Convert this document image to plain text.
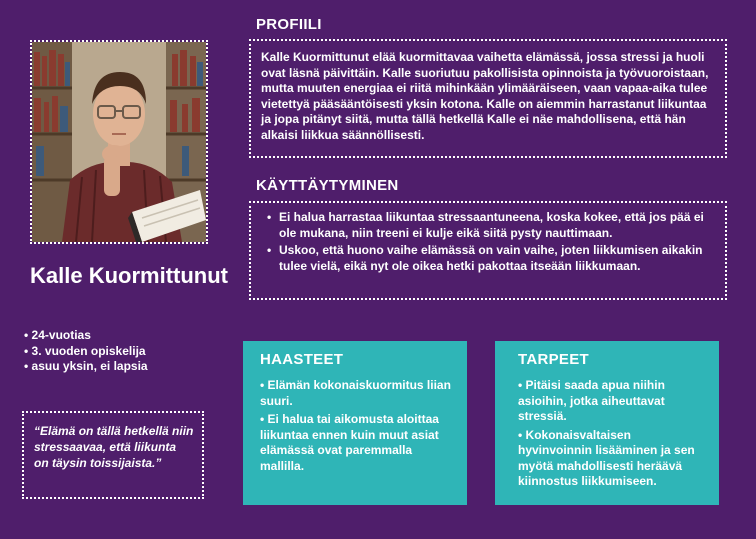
Kalle Kuormittunut
• 24-vuotias
• 3. vuoden opiskelija
• asuu yksin, ei lapsia
“Elämä on tällä hetkellä niin stressaavaa, että liikunta on täysin toissijaista.”
PROFIILI
Kalle Kuormittunut elää kuormittavaa vaihetta elämässä, jossa stressi ja huoli ovat läsnä päivittäin. Kalle suoriutuu pakollisista opinnoista ja työvuoroistaan, mutta muuten energiaa ei riitä mihinkään ylimääräiseen, vaan vapaa-aika tulee vietettyä pääsääntöisesti yksin kotona. Kalle on aiemmin harrastanut liikuntaa ja jopa pitänyt siitä, mutta tällä hetkellä Kalle ei näe mahdollisena, että hän alkaisi liikkua säännöllisesti.
KÄYTTÄYTYMINEN
• Ei halua harrastaa liikuntaa stressaantuneena, koska kokee, että jos pää ei ole mukana, niin treeni ei kulje eikä siitä pysty nauttimaan.
• Uskoo, että huono vaihe elämässä on vain vaihe, joten liikkumisen aikakin tulee vielä, eikä nyt ole oikea hetki pakottaa itseään liikkumaan.
HAASTEET
• Elämän kokonaiskuormitus liian suuri.
• Ei halua tai aikomusta aloittaa liikuntaa ennen kuin muut asiat elämässä ovat paremmalla mallilla.
TARPEET
• Pitäisi saada apua niihin asioihin, jotka aiheuttavat stressiä.
• Kokonaisvaltaisen hyvinvoinnin lisääminen ja sen myötä mahdollisesti heräävä kiinnostus liikkumiseen.
